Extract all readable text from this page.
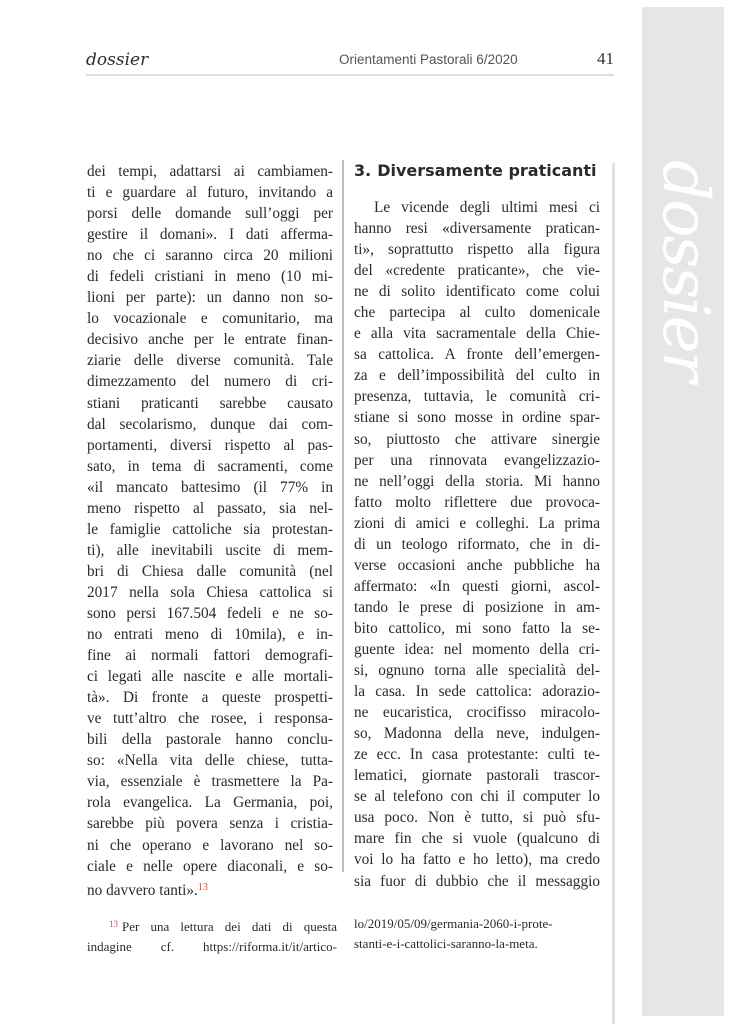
dossier
dossier	Orientamenti Pastorali 6/2020	41
dei tempi, adattarsi ai cambiamen-
ti e guardare al futuro, invitando a
porsi delle domande sull’oggi per
gestire il domani». I dati afferma-
no che ci saranno circa 20 milioni
di fedeli cristiani in meno (10 mi-
lioni per parte): un danno non so-
lo vocazionale e comunitario, ma
decisivo anche per le entrate finan-
ziarie delle diverse comunità. Tale
dimezzamento del numero di cri-
stiani praticanti sarebbe causato
dal secolarismo, dunque dai com-
portamenti, diversi rispetto al pas-
sato, in tema di sacramenti, come
«il mancato battesimo (il 77% in
meno rispetto al passato, sia nel-
le famiglie cattoliche sia protestan-
ti), alle inevitabili uscite di mem-
bri di Chiesa dalle comunità (nel
2017 nella sola Chiesa cattolica si
sono persi 167.504 fedeli e ne so-
no entrati meno di 10mila), e in-
fine ai normali fattori demografi-
ci legati alle nascite e alle mortali-
tà». Di fronte a queste prospetti-
ve tutt’altro che rosee, i responsa-
bili della pastorale hanno conclu-
so: «Nella vita delle chiese, tutta-
via, essenziale è trasmettere la Pa-
rola evangelica. La Germania, poi,
sarebbe più povera senza i cristia-
ni che operano e lavorano nel so-
ciale e nelle opere diaconali, e so-
no davvero tanti».$^{13}$
3. Diversamente praticanti
Le vicende degli ultimi mesi ci
hanno resi «diversamente pratican-
ti», soprattutto rispetto alla figura
del «credente praticante», che vie-
ne di solito identificato come colui
che partecipa al culto domenicale
e alla vita sacramentale della Chie-
sa cattolica. A fronte dell’emergen-
za e dell’impossibilità del culto in
presenza, tuttavia, le comunità cri-
stiane si sono mosse in ordine spar-
so, piuttosto che attivare sinergie
per una rinnovata evangelizzazio-
ne nell’oggi della storia. Mi hanno
fatto molto riflettere due provoca-
zioni di amici e colleghi. La prima
di un teologo riformato, che in di-
verse occasioni anche pubbliche ha
affermato: «In questi giorni, ascol-
tando le prese di posizione in am-
bito cattolico, mi sono fatto la se-
guente idea: nel momento della cri-
si, ognuno torna alle specialità del-
la casa. In sede cattolica: adorazio-
ne eucaristica, crocifisso miracolo-
so, Madonna della neve, indulgen-
ze ecc. In casa protestante: culti te-
lematici, giornate pastorali trascor-
se al telefono con chi il computer lo
usa poco. Non è tutto, si può sfu-
mare fin che si vuole (qualcuno di
voi lo ha fatto e ho letto), ma credo
sia fuor di dubbio che il messaggio
$^{13}$ Per una lettura dei dati di questa
indagine cf. https://riforma.it/it/artico-
lo/2019/05/09/germania-2060-i-prote-
stanti-e-i-cattolici-saranno-la-meta.
